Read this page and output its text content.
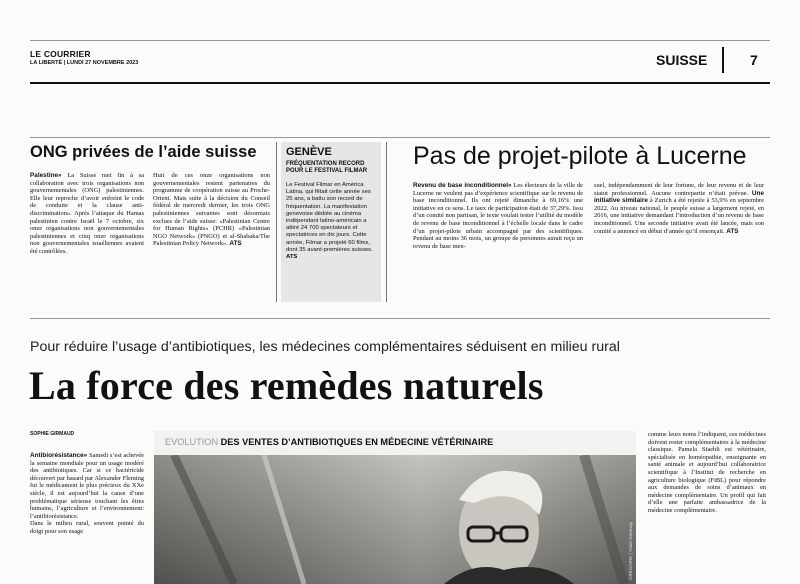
LE COURRIER
LA LIBERTÉ | LUNDI 27 NOVEMBRE 2023	SUISSE	7
ONG privées de l’aide suisse
Palestine» La Suisse met fin à sa collaboration avec trois organisations non gouvernementales (ONG) palestiniennes. Elle leur reproche d’avoir enfreint le code de conduite et la clause anti-discrimination». Après l’attaque du Hamas palestinien contre Israël le 7 octobre, six onze organisations non gouvernementales palestiniennes et cinq onze organisations non gouvernementales israéliennes avaient été contrôlées.
Huit de ces onze organisations non gouvernementales restent partenaires du programme de coopération suisse au Proche-Orient. Mais suite à la décision du Conseil fédéral de mercredi dernier, les trois ONG palestiniennes suivantes sont désormais exclues de l’aide suisse: «Palestinian Centre for Human Rights» (PCHR) «Palestinian NGO Network» (PNGO) et al-Shabaka/The Palestinian Policy Network». ATS
GENÈVE
FRÉQUENTATION RECORD POUR LE FESTIVAL FILMAR
Le Festival Filmar en América Latina, qui fêtait cette année ses 25 ans, a battu son record de fréquentation. La manifestation genevoise dédiée au cinéma indépendant latino-américain a attiré 24 700 spectateurs et spectatrices en dix jours. Cette année, Filmar a projeté 60 films, dont 35 avant-premières suisses. ATS
Pas de projet-pilote à Lucerne
Revenu de base inconditionnel» Les électeurs de la ville de Lucerne ne veulent pas d’expérience scientifique sur le revenu de base inconditionnel. Ils ont rejeté dimanche à 69,16% une initiative en ce sens. Le taux de participation était de 37,29%. Issu d’un comité non partisan, le texte voulait tester l’utilité du modèle de revenu de base inconditionnel à l’échelle locale dans le cadre d’un projet-pilote urbain accompagné par des scientifiques. Pendant au moins 36 mois, un groupe de personnes aurait reçu un revenu de base men-
suel, indépendamment de leur fortune, de leur revenu et de leur statut professionnel. Aucune contrepartie n’était prévue. Une initiative similaire à Zurich a été rejetée à 53,9% en septembre 2022. Au niveau national, le peuple suisse a largement rejeté, en 2016, une initiative demandant l’introduction d’un revenu de base inconditionnel. Une seconde initiative avait été lancée, mais son comité a annoncé en début d’année qu’il renonçait. ATS
Pour réduire l’usage d’antibiotiques, les médecines complémentaires séduisent en milieu rural
La force des remèdes naturels
SOPHIE GIRMAUD
Antibiorésistance» Samedi s’est achevée la semaine mondiale pour un usage modéré des antibiotiques. Car si ce bactéricide découvert par hasard par Alexander Fleming fut le médicament le plus précieux du XXe siècle, il est aujourd’hui la cause d’une problématique sérieuse touchant les êtres humains, l’agriculture et l’environnement: l’antibiorésistance.
Dans le milieu rural, souvent pointé du doigt pour son usage
EVOLUTION DES VENTES D’ANTIBIOTIQUES EN MÉDECINE VÉTÉRINAIRE
GRÉGOIRE | Yvain Genevay
comme leurs noms l’indiquent, ces médecines doivent rester complémentaires à la médecine classique. Pamela Staehli est vétérinaire, spécialisée en homéopathie, enseignante en santé animale et aujourd’hui collaboratrice scientifique à l’Institut de recherche en agriculture biologique (FiBL) pour répondre aux demandes de soins d’animaux en médecine complémentaire. Un profil qui fait d’elle une parfaite ambassadrice de la médecine complémentaire.
